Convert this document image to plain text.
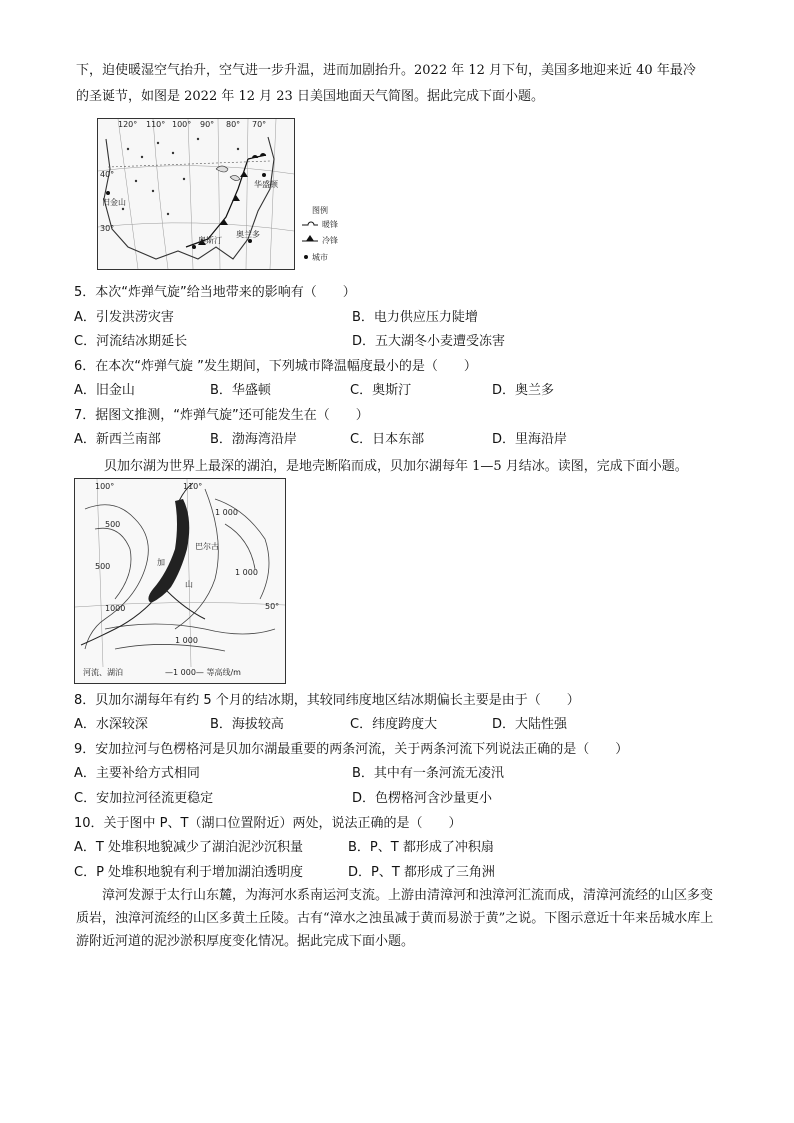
下，迫使暖湿空气抬升，空气进一步升温，进而加剧抬升。2022 年 12 月下旬，美国多地迎来近 40 年最冷
的圣诞节，如图是 2022 年 12 月 23 日美国地面天气简图。据此完成下面小题。
120° 110° 100° 90° 80° 70°
40°
30°
旧金山
华盛顿
奥兰多
奥斯汀
图例
暖锋
冷锋
城市
5．本次“炸弹气旋”给当地带来的影响有（　　）
A．引发洪涝灾害	B．电力供应压力陡增
C．河流结冰期延长	D．五大湖冬小麦遭受冻害
6．在本次“炸弹气旋 ”发生期间，下列城市降温幅度最小的是（　　）
A．旧金山	B．华盛顿	C．奥斯汀	D．奥兰多
7．据图文推测，“炸弹气旋”还可能发生在（　　）
A．新西兰南部	B．渤海湾沿岸	C．日本东部	D．里海沿岸
贝加尔湖为世界上最深的湖泊，是地壳断陷而成，贝加尔湖每年 1—5 月结冰。读图，完成下面小题。
100°	110°
50°
500
1 000
1 000
500
1000
1 000
巴尔古
加
山
河流、湖泊	—1 000— 等高线/m
8．贝加尔湖每年有约 5 个月的结冰期，其较同纬度地区结冰期偏长主要是由于（　　）
A．水深较深	B．海拔较高	C．纬度跨度大	D．大陆性强
9．安加拉河与色楞格河是贝加尔湖最重要的两条河流，关于两条河流下列说法正确的是（　　）
A．主要补给方式相同	B．其中有一条河流无凌汛
C．安加拉河径流更稳定	D．色楞格河含沙量更小
10．关于图中 P、T（湖口位置附近）两处，说法正确的是（　　）
A．T 处堆积地貌减少了湖泊泥沙沉积量	B．P、T 都形成了冲积扇
C．P 处堆积地貌有利于增加湖泊透明度	D．P、T 都形成了三角洲
漳河发源于太行山东麓，为海河水系南运河支流。上游由清漳河和浊漳河汇流而成，清漳河流经的山区多变质岩，浊漳河流经的山区多黄土丘陵。古有“漳水之浊虽减于黄而易淤于黄”之说。下图示意近十年来岳城水库上游附近河道的泥沙淤积厚度变化情况。据此完成下面小题。
